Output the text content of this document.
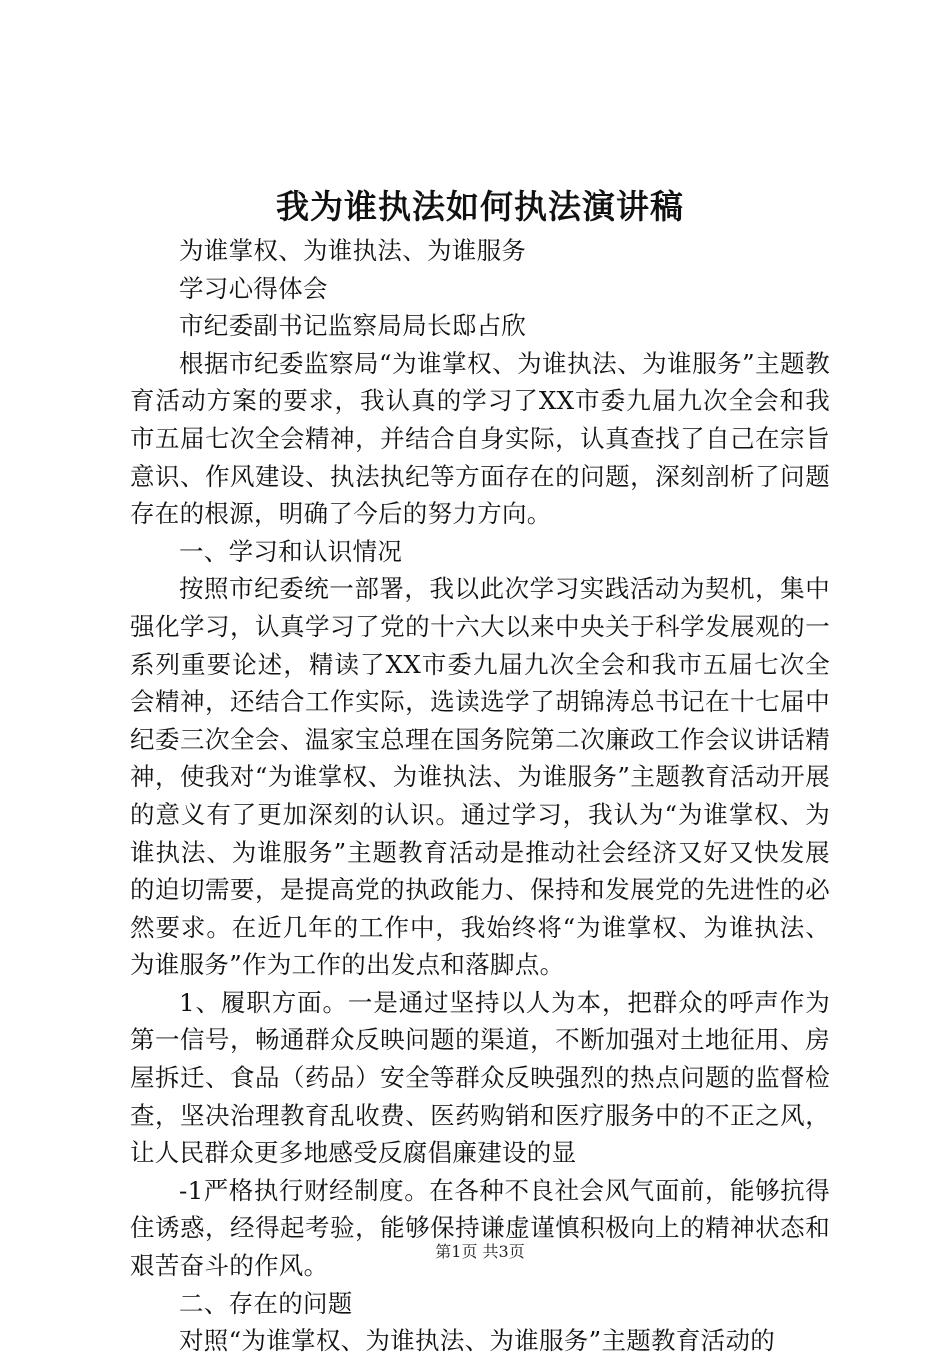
我为谁执法如何执法演讲稿

为谁掌权、为谁执法、为谁服务

学习心得体会

市纪委副书记监察局局长邸占欣

根据市纪委监察局“为谁掌权、为谁执法、为谁服务”主题教育活动方案的要求，我认真的学习了XX市委九届九次全会和我市五届七次全会精神，并结合自身实际，认真查找了自己在宗旨意识、作风建设、执法执纪等方面存在的问题，深刻剖析了问题存在的根源，明确了今后的努力方向。

一、学习和认识情况

按照市纪委统一部署，我以此次学习实践活动为契机，集中强化学习，认真学习了党的十六大以来中央关于科学发展观的一系列重要论述，精读了XX市委九届九次全会和我市五届七次全会精神，还结合工作实际，选读选学了胡锦涛总书记在十七届中纪委三次全会、温家宝总理在国务院第二次廉政工作会议讲话精神，使我对“为谁掌权、为谁执法、为谁服务”主题教育活动开展的意义有了更加深刻的认识。通过学习，我认为“为谁掌权、为谁执法、为谁服务”主题教育活动是推动社会经济又好又快发展的迫切需要，是提高党的执政能力、保持和发展党的先进性的必然要求。在近几年的工作中，我始终将“为谁掌权、为谁执法、为谁服务”作为工作的出发点和落脚点。

1、履职方面。一是通过坚持以人为本，把群众的呼声作为第一信号，畅通群众反映问题的渠道，不断加强对土地征用、房屋拆迁、食品（药品）安全等群众反映强烈的热点问题的监督检查，坚决治理教育乱收费、医药购销和医疗服务中的不正之风，让人民群众更多地感受反腐倡廉建设的显

-1严格执行财经制度。在各种不良社会风气面前，能够抗得住诱惑，经得起考验，能够保持谦虚谨慎积极向上的精神状态和艰苦奋斗的作风。

二、存在的问题

对照“为谁掌权、为谁执法、为谁服务”主题教育活动的

第1页 共3页
